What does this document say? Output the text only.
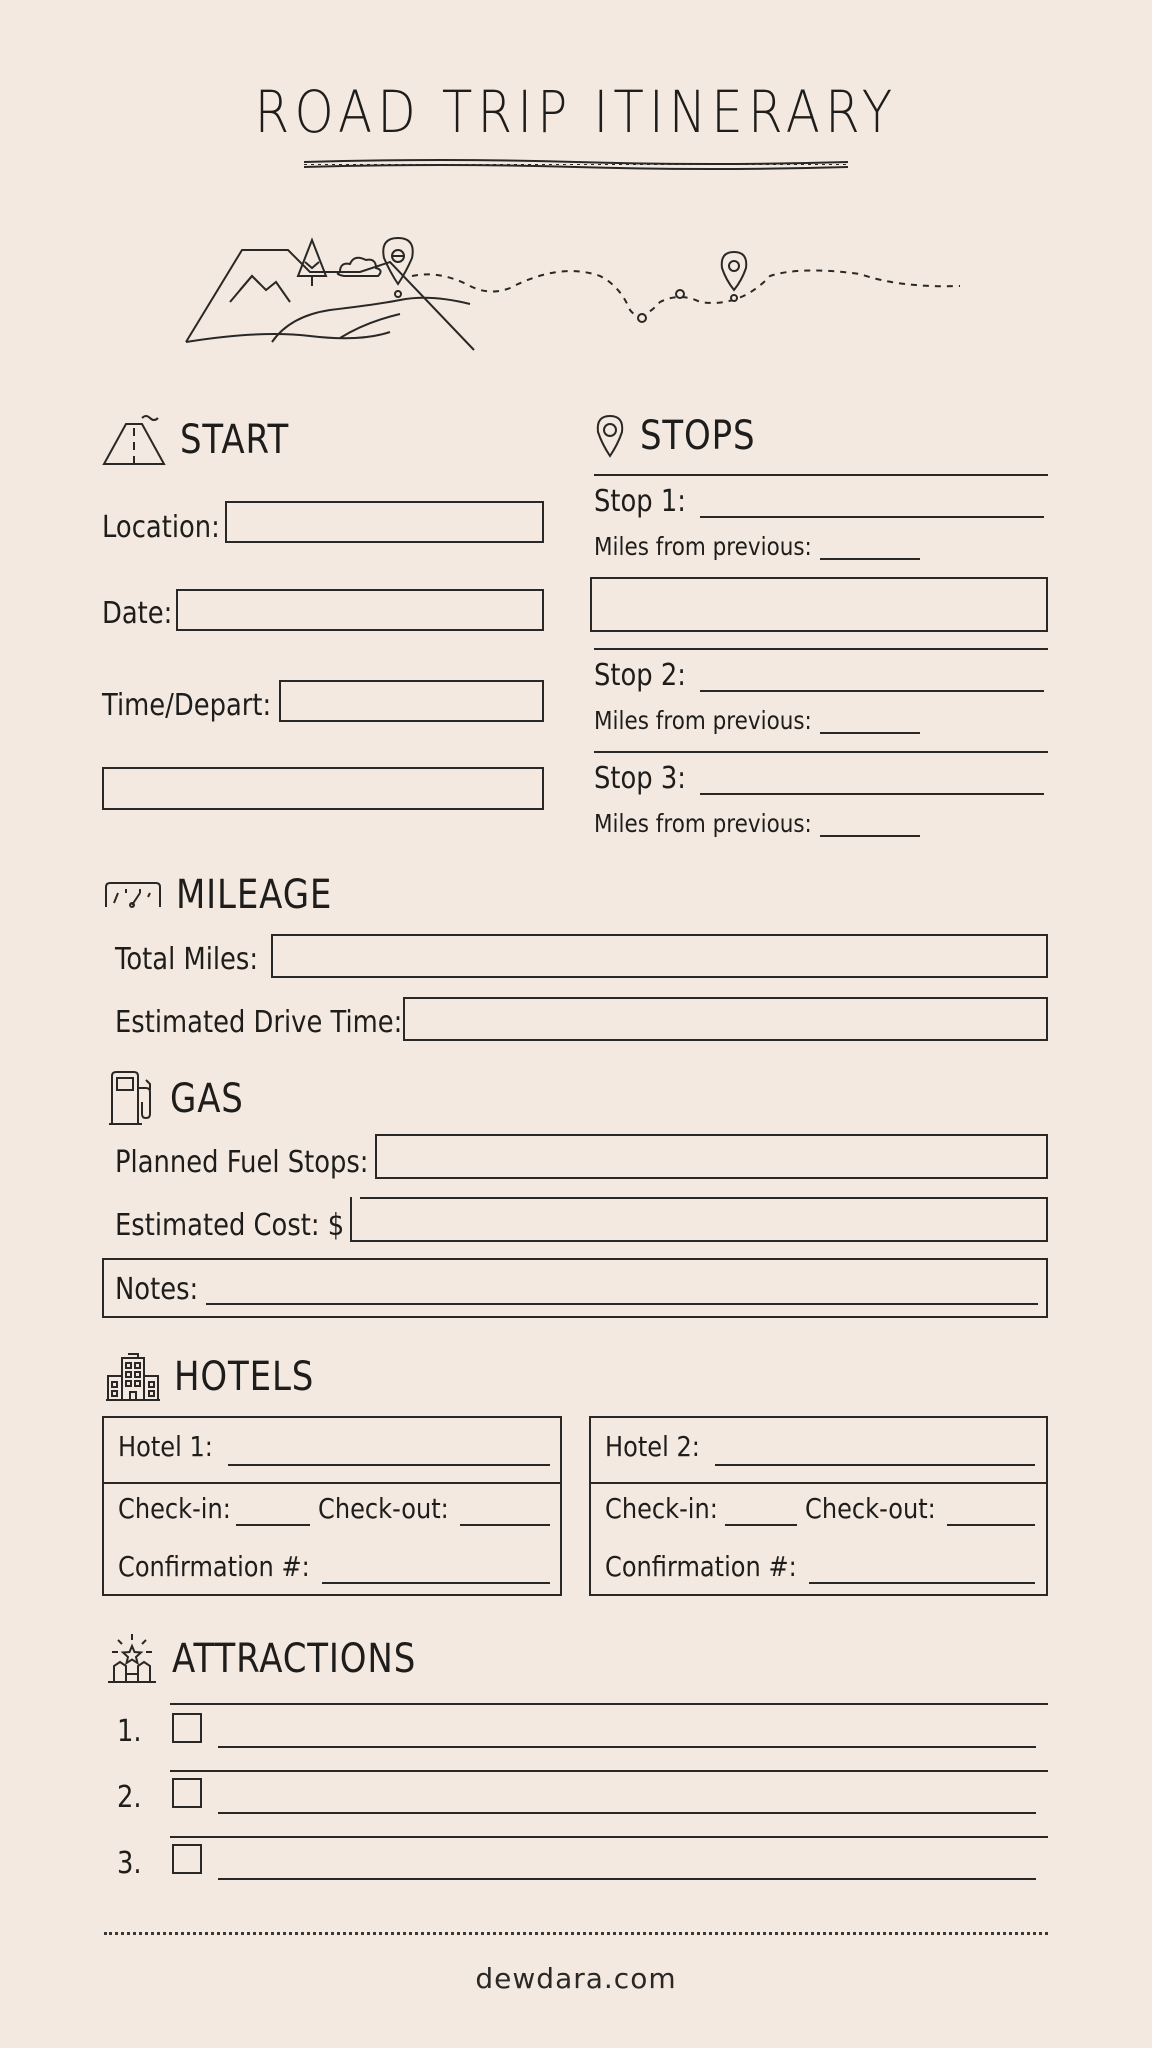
ROAD TRIP ITINERARY
START
Location:
Date:
Time/Depart:
STOPS
Stop 1:
Miles from previous:
Stop 2:
Miles from previous:
Stop 3:
Miles from previous:
MILEAGE
Total Miles:
Estimated Drive Time:
GAS
Planned Fuel Stops:
Estimated Cost: $
Notes:
HOTELS
Hotel 1:
Check-in:	Check-out:
Confirmation #:
Hotel 2:
Check-in:	Check-out:
Confirmation #:
ATTRACTIONS
1.
2.
3.
dewdara.com
